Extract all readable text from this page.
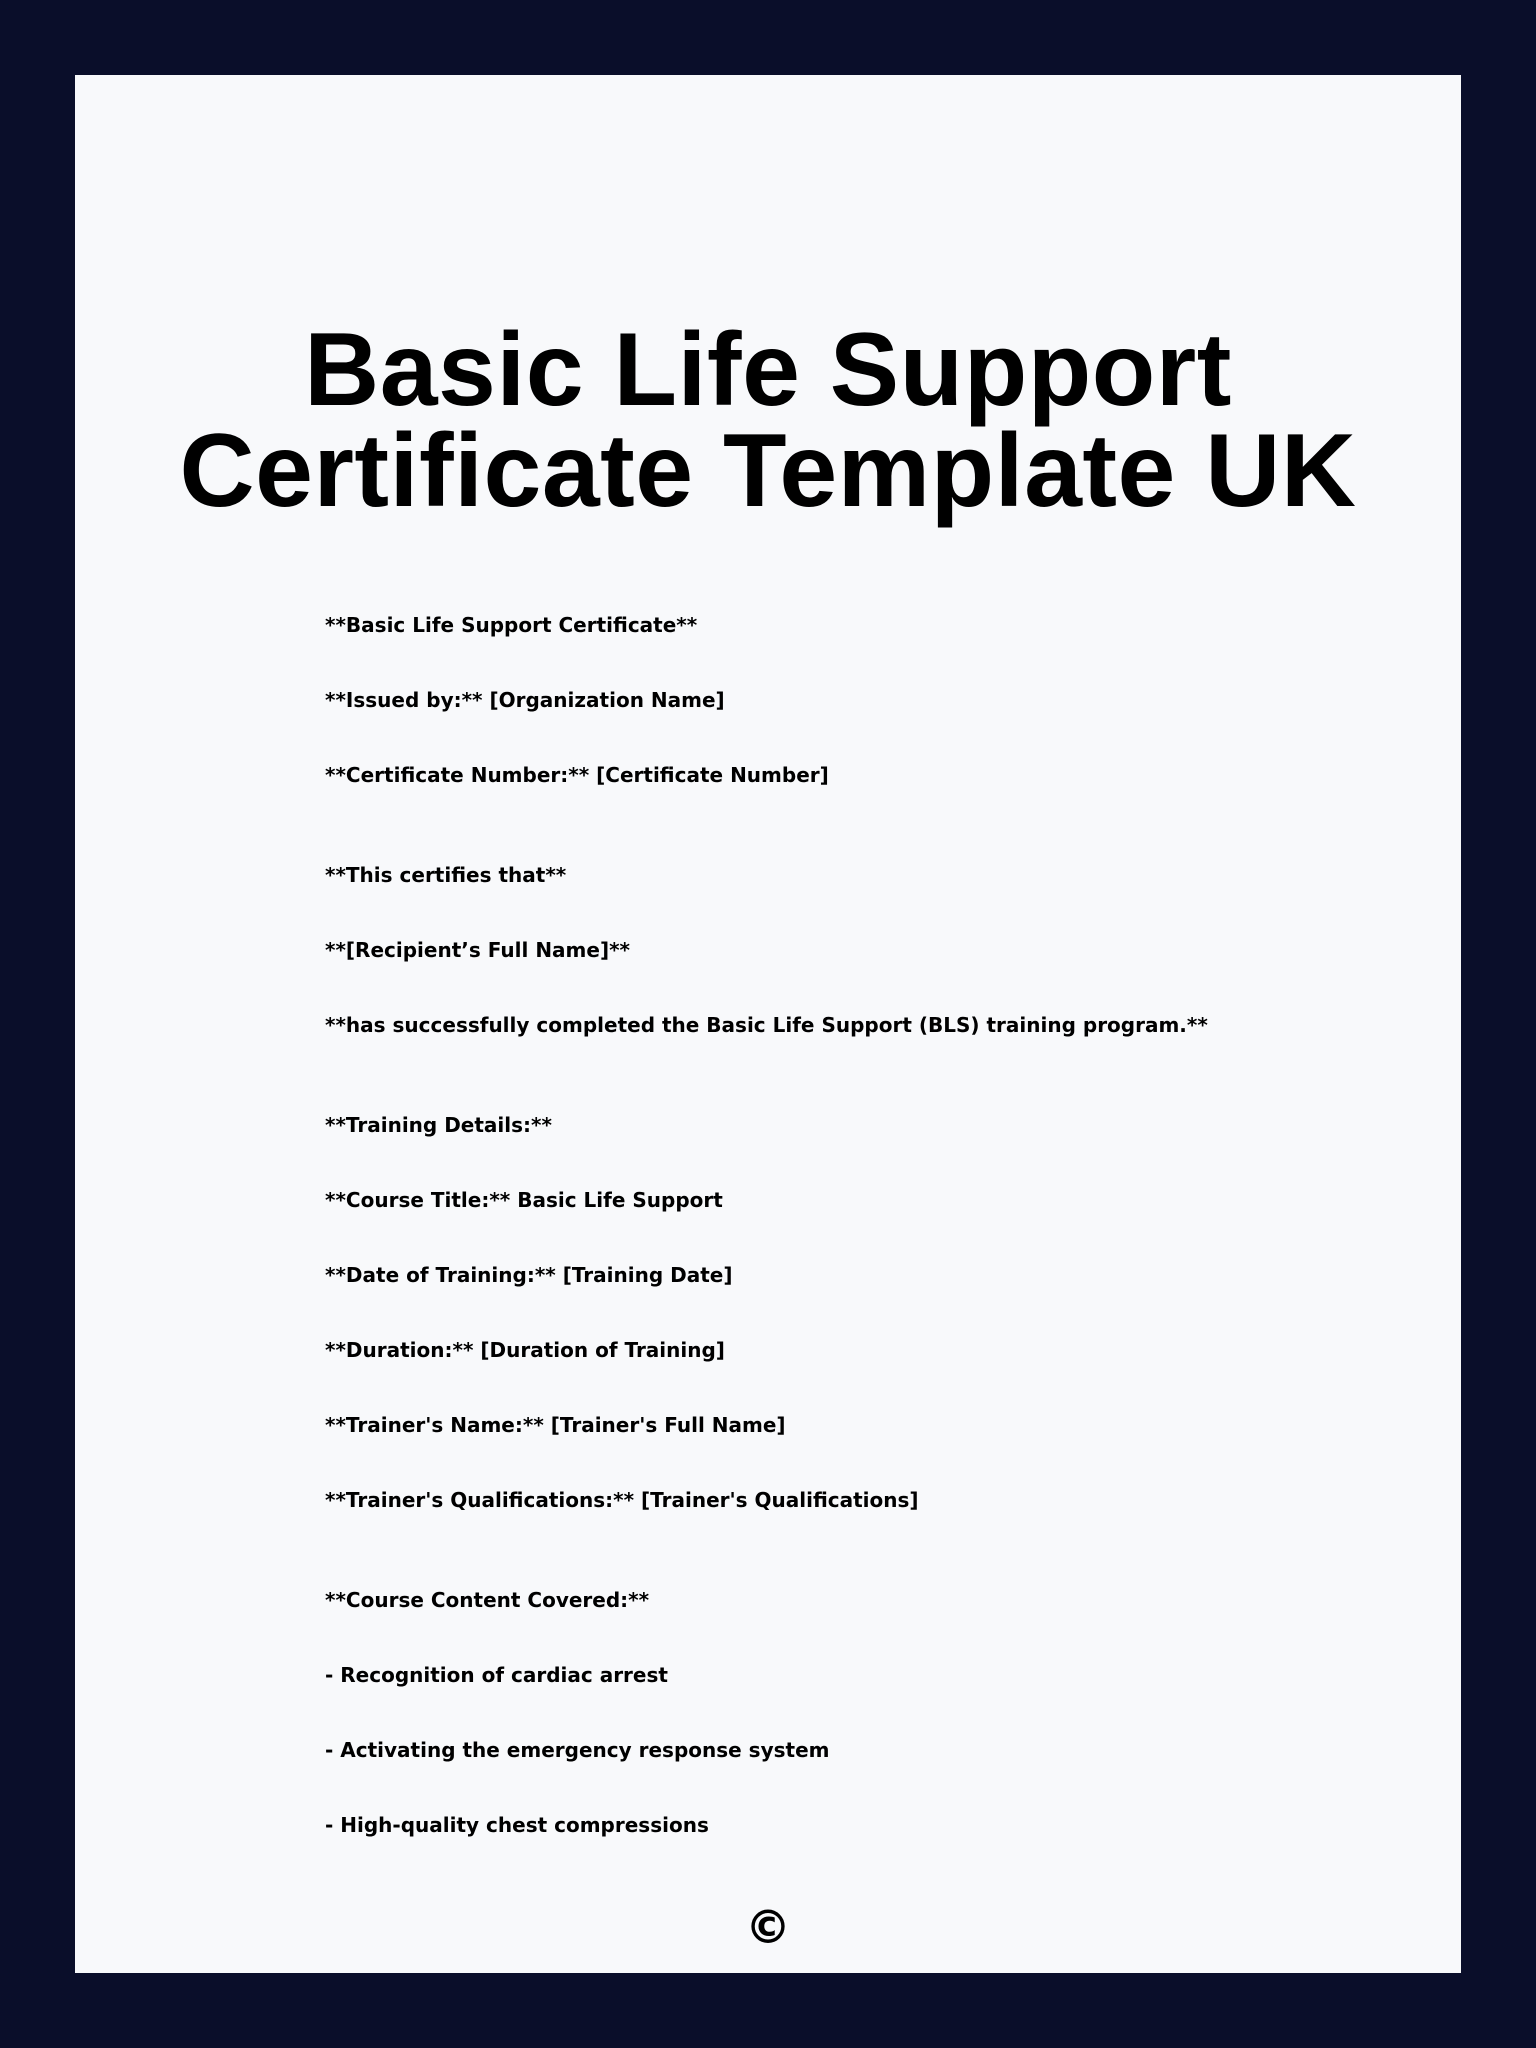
Basic Life Support Certificate Template UK
**Basic Life Support Certificate**
**Issued by:** [Organization Name]
**Certificate Number:** [Certificate Number]
**This certifies that**
**[Recipient’s Full Name]**
**has successfully completed the Basic Life Support (BLS) training program.**
**Training Details:**
**Course Title:** Basic Life Support
**Date of Training:** [Training Date]
**Duration:** [Duration of Training]
**Trainer's Name:** [Trainer's Full Name]
**Trainer's Qualifications:** [Trainer's Qualifications]
**Course Content Covered:**
- Recognition of cardiac arrest
- Activating the emergency response system
- High-quality chest compressions
©
